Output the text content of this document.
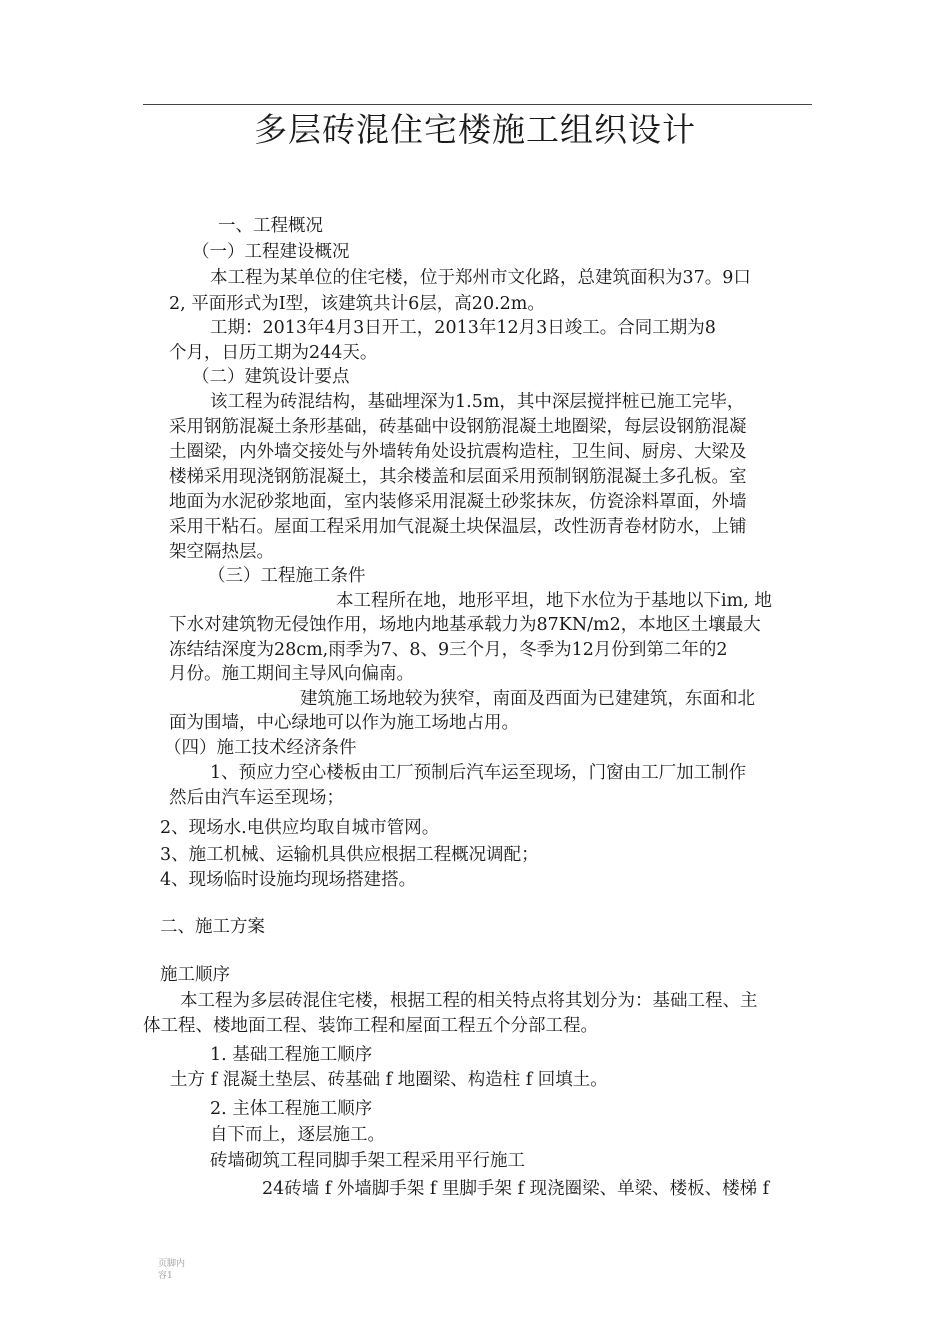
多层砖混住宅楼施工组织设计
一、工程概况
（一）工程建设概况
本工程为某单位的住宅楼，位于郑州市文化路，总建筑面积为37。9口
2, 平面形式为I型，该建筑共计6层，高20.2m。
工期：2013年4月3日开工，2013年12月3日竣工。合同工期为8
个月，日历工期为244天。
（二）建筑设计要点
该工程为砖混结构，基础埋深为1.5m，其中深层搅拌桩已施工完毕，
采用钢筋混凝土条形基础，砖基础中设钢筋混凝土地圈梁，每层设钢筋混凝
土圈梁，内外墙交接处与外墙转角处设抗震构造柱，卫生间、厨房、大梁及
楼梯采用现浇钢筋混凝土，其余楼盖和层面采用预制钢筋混凝土多孔板。室
地面为水泥砂浆地面，室内装修采用混凝土砂浆抹灰，仿瓷涂料罩面，外墙
采用干粘石。屋面工程采用加气混凝土块保温层，改性沥青卷材防水，上铺
架空隔热层。
（三）工程施工条件
本工程所在地，地形平坦，地下水位为于基地以下im, 地
下水对建筑物无侵蚀作用，场地内地基承载力为87KN/m2，本地区土壤最大
冻结结深度为28cm,雨季为7、8、9三个月，冬季为12月份到第二年的2
月份。施工期间主导风向偏南。
建筑施工场地较为狭窄，南面及西面为已建建筑，东面和北
面为围墙，中心绿地可以作为施工场地占用。
（四）施工技术经济条件
1、预应力空心楼板由工厂预制后汽车运至现场，门窗由工厂加工制作
然后由汽车运至现场；
2、现场水.电供应均取自城市管网。
3、施工机械、运输机具供应根据工程概况调配；
4、现场临时设施均现场搭建搭。
二、施工方案
施工顺序
本工程为多层砖混住宅楼，根据工程的相关特点将其划分为：基础工程、主
体工程、楼地面工程、装饰工程和屋面工程五个分部工程。
1. 基础工程施工顺序
土方 f 混凝土垫层、砖基础 f 地圈梁、构造柱 f 回填土。
2. 主体工程施工顺序
自下而上，逐层施工。
砖墙砌筑工程同脚手架工程采用平行施工
24砖墙 f 外墙脚手架 f 里脚手架 f 现浇圈梁、单梁、楼板、楼梯 f
页脚内容1
